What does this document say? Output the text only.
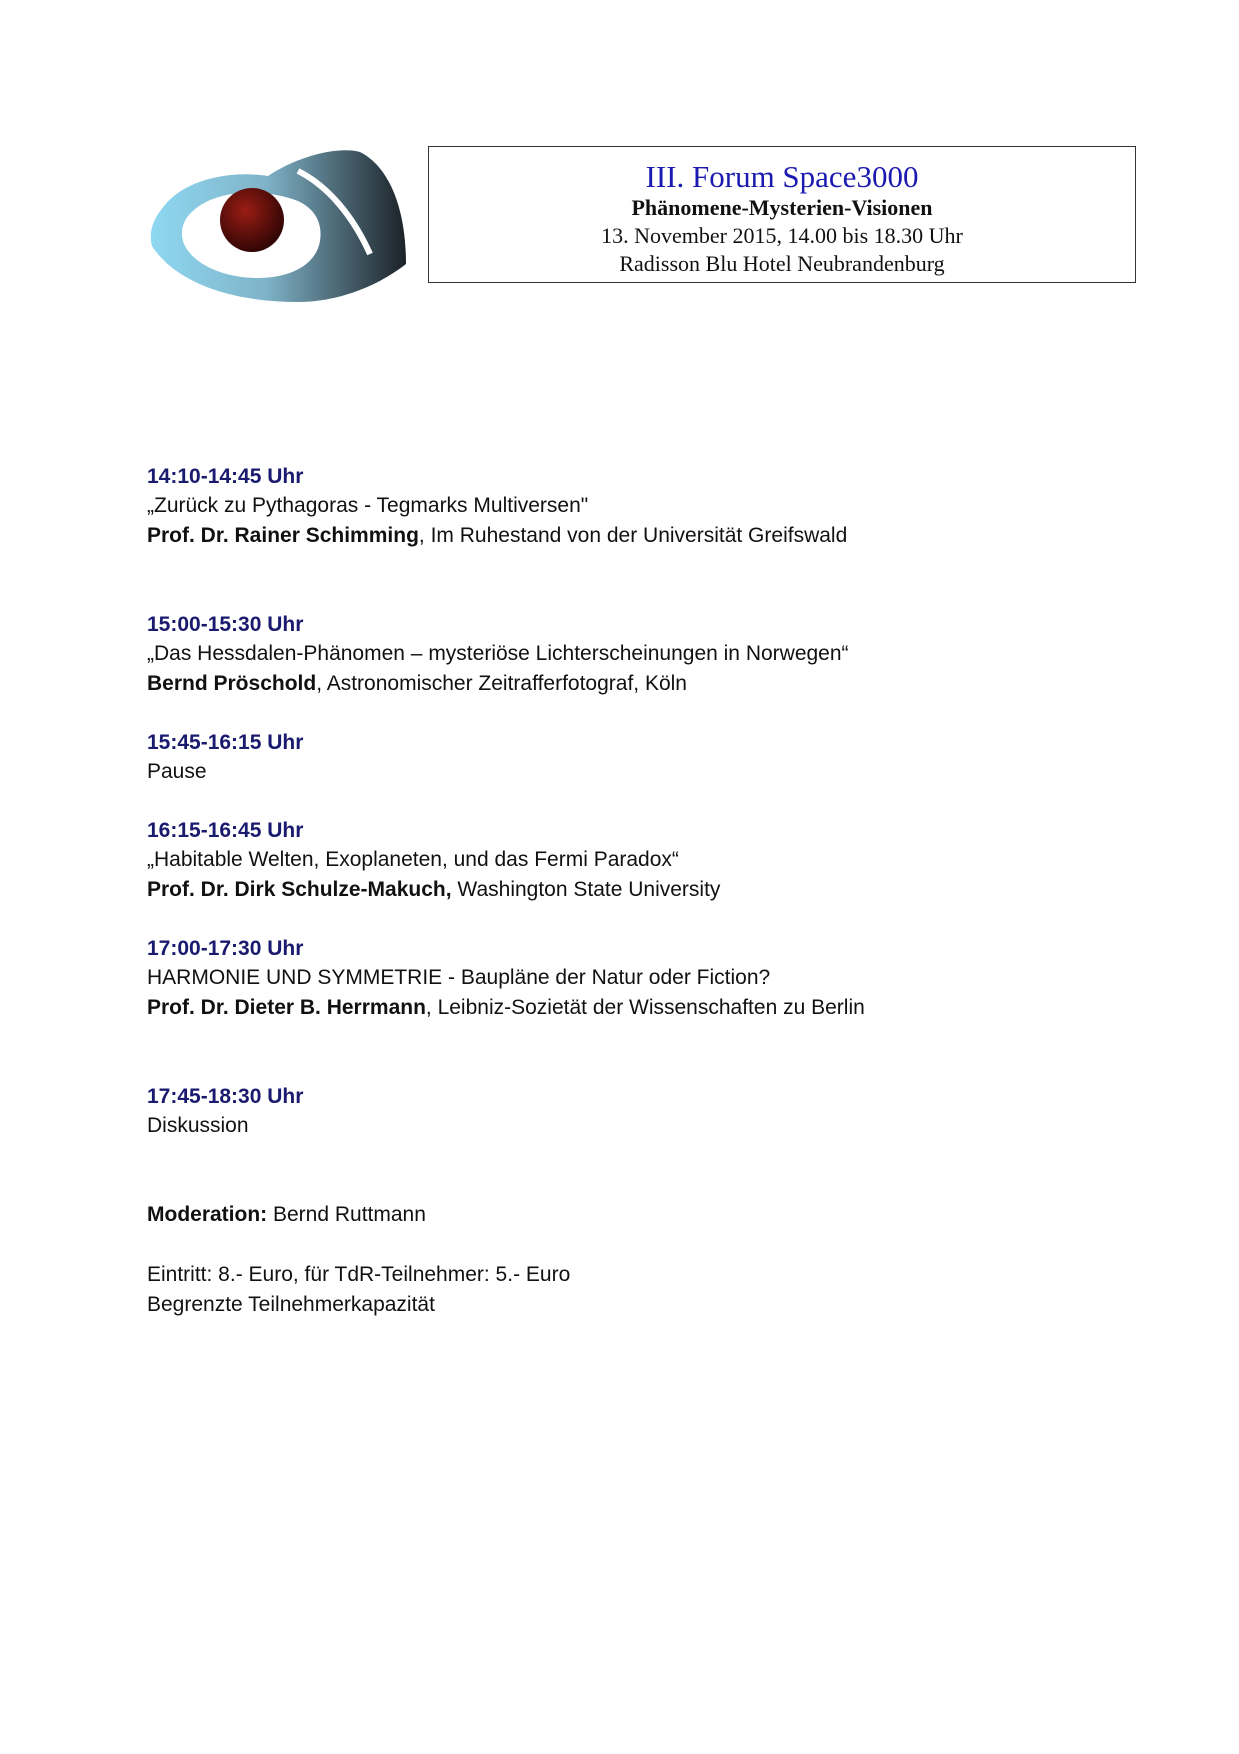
III. Forum Space3000
Phänomene-Mysterien-Visionen
13. November 2015, 14.00 bis 18.30 Uhr
Radisson Blu Hotel Neubrandenburg
14:10-14:45 Uhr
„Zurück zu Pythagoras - Tegmarks Multiversen"
Prof. Dr. Rainer Schimming, Im Ruhestand von der Universität Greifswald
15:00-15:30 Uhr
„Das Hessdalen-Phänomen – mysteriöse Lichterscheinungen in Norwegen“
Bernd Pröschold, Astronomischer Zeitrafferfotograf, Köln
15:45-16:15 Uhr
Pause
16:15-16:45 Uhr
„Habitable Welten, Exoplaneten, und das Fermi Paradox“
Prof. Dr. Dirk Schulze-Makuch, Washington State University
17:00-17:30 Uhr
HARMONIE UND SYMMETRIE - Baupläne der Natur oder Fiction?
Prof. Dr. Dieter B. Herrmann, Leibniz-Sozietät der Wissenschaften zu Berlin
17:45-18:30 Uhr
Diskussion
Moderation: Bernd Ruttmann
Eintritt: 8.- Euro, für TdR-Teilnehmer: 5.- Euro
Begrenzte Teilnehmerkapazität
